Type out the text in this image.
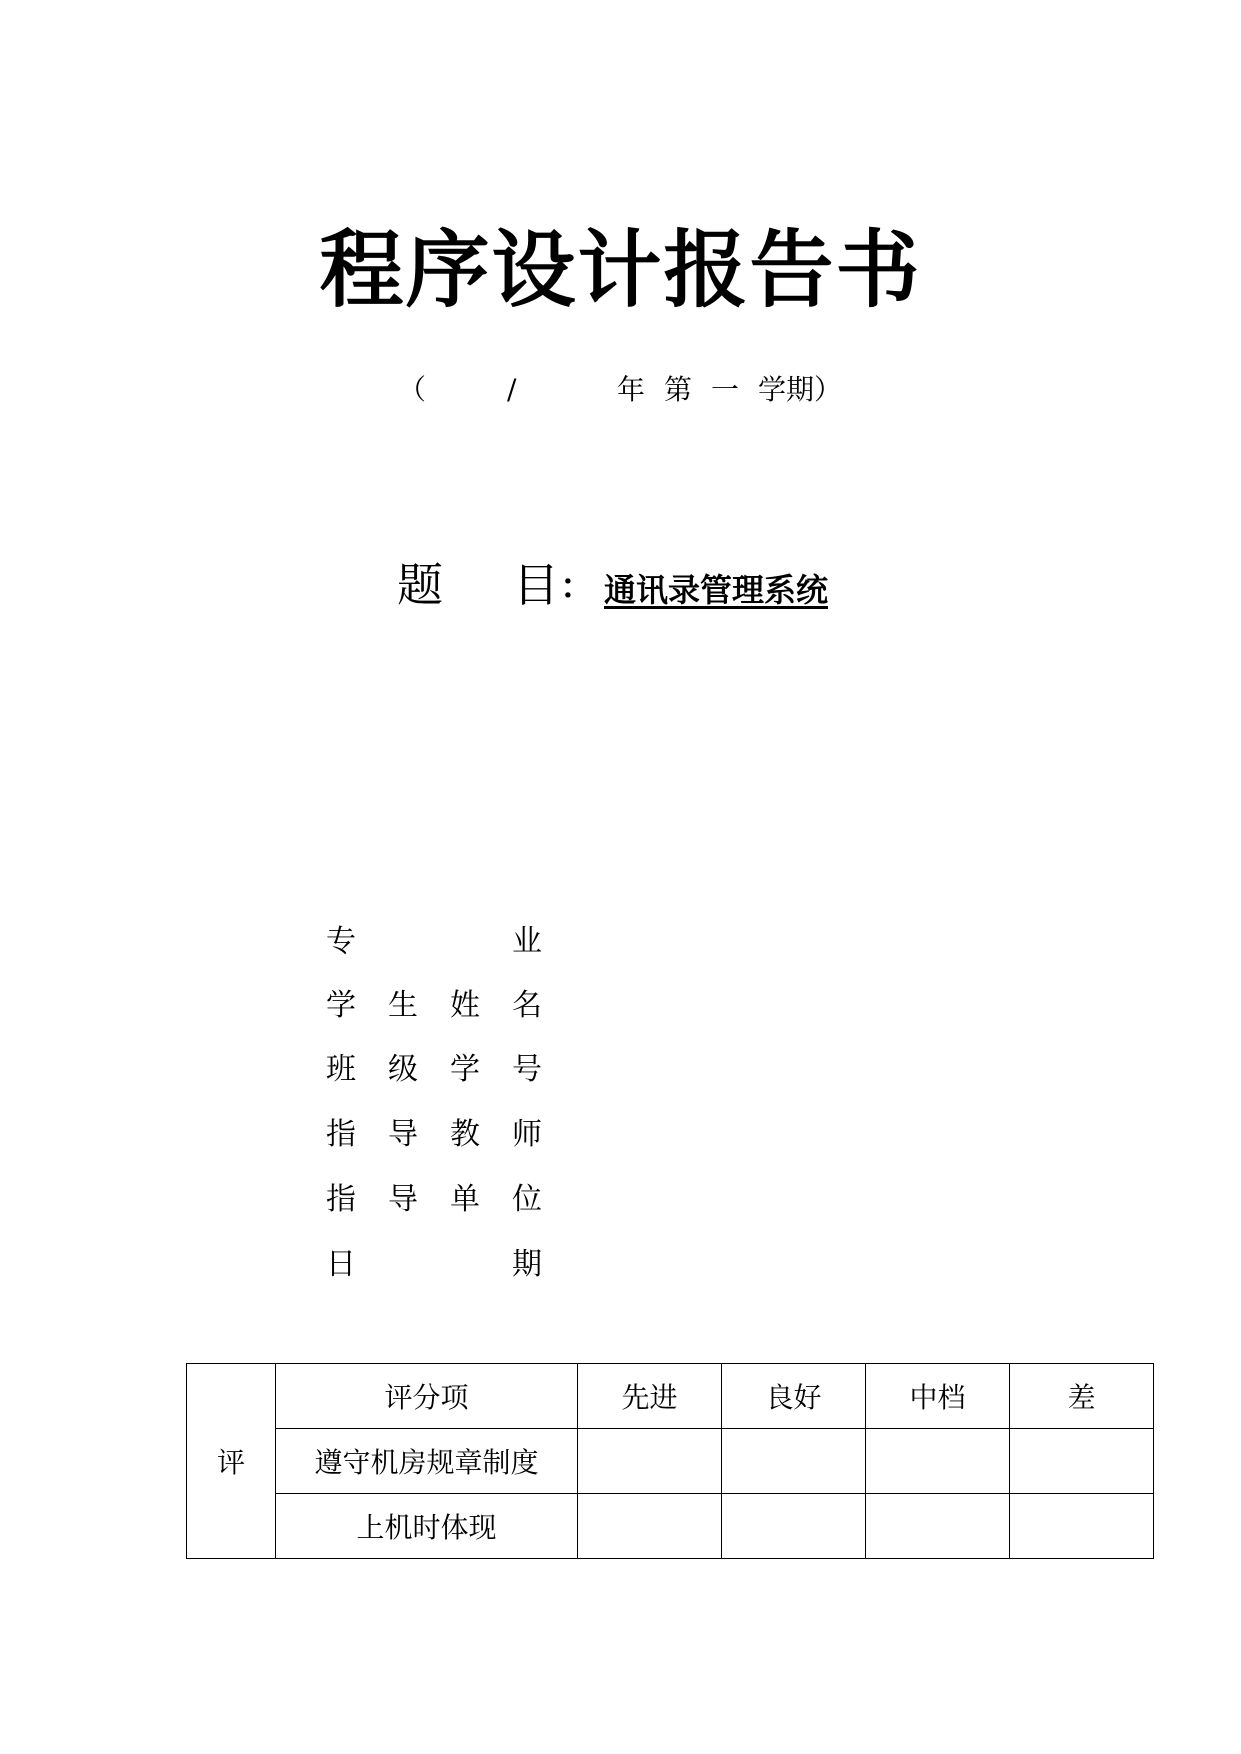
程序设计报告书
（	/	年 第 一 学期）
题 目 ： 通讯录管理系统
专	业
学 生 姓 名
班 级 学 号
指 导 教 师
指 导 单 位
日	期
评	评分项	先进	良好	中档	差
	遵守机房规章制度				
	上机时体现				
